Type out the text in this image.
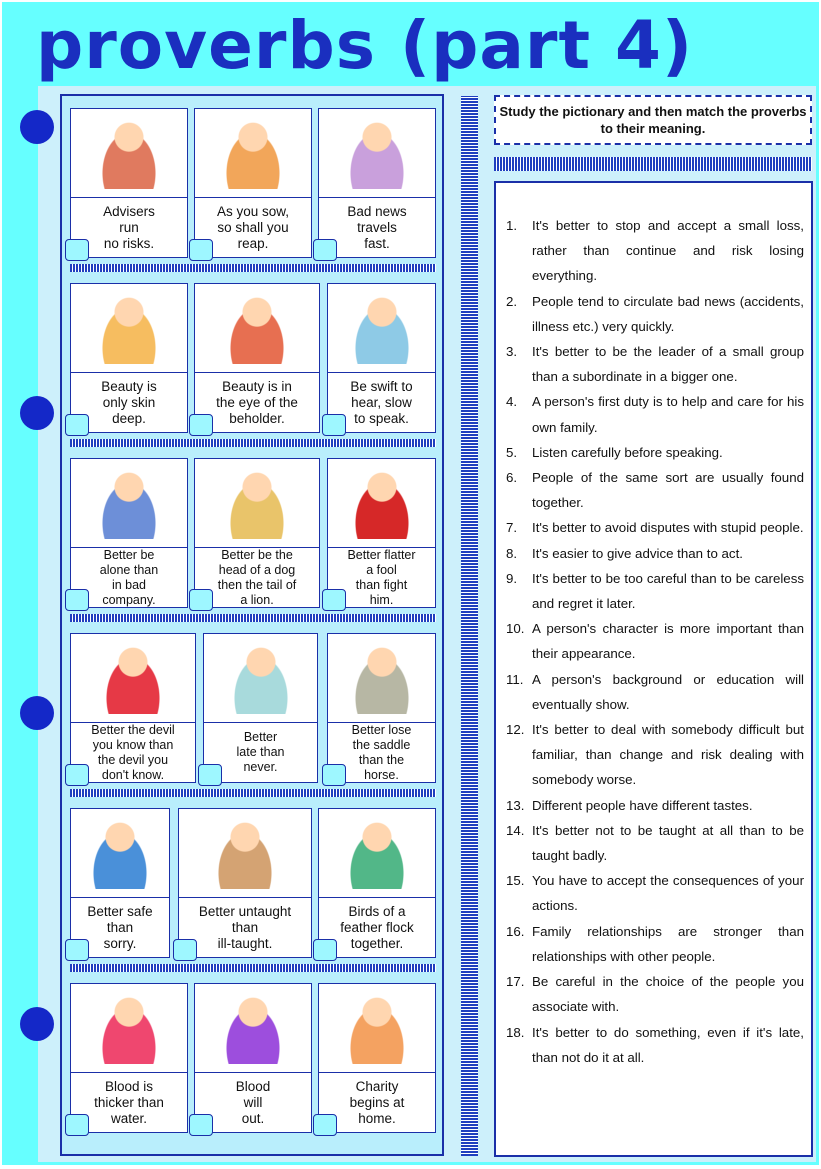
proverbs (part 4)
Advisers
run
no risks.
As you sow,
so shall you
reap.
Bad news
travels
fast.
Beauty is
only skin
deep.
Beauty is in
the eye of the
beholder.
Be swift to
hear, slow
to speak.
Better be
alone than
in bad
company.
Better be the
head of a dog
then the tail of
a lion.
Better flatter
a fool
than fight
him.
Better the devil
you know than
the devil you
don't know.
Better
late than
never.
Better lose
the saddle
than the
horse.
Better safe
than
sorry.
Better untaught
than
ill-taught.
Birds of a
feather flock
together.
Blood is
thicker than
water.
Blood
will
out.
Charity
begins at
home.
Study the pictionary and then match the proverbs to their meaning.
1.	It's better to stop and accept a small loss, rather than continue and risk losing everything.
2.	People tend to circulate bad news (accidents, illness etc.) very quickly.
3.	It's better to be the leader of a small group than a subordinate in a bigger one.
4.	A person's first duty is to help and care for his own family.
5.	Listen carefully before speaking.
6.	People of the same sort are usually found together.
7.	It's better to avoid disputes with stupid people.
8.	It's easier to give advice than to act.
9.	It's better to be too careful than to be careless and regret it later.
10. A person's character is more important than their appearance.
11. A person's background or education will eventually show.
12. It's better to deal with somebody difficult but familiar, than change and risk dealing with somebody worse.
13. Different people have different tastes.
14. It's better not to be taught at all than to be taught badly.
15. You have to accept the consequences of your actions.
16. Family relationships are stronger than relationships with other people.
17. Be careful in the choice of the people you associate with.
18. It's better to do something, even if it's late, than not do it at all.
